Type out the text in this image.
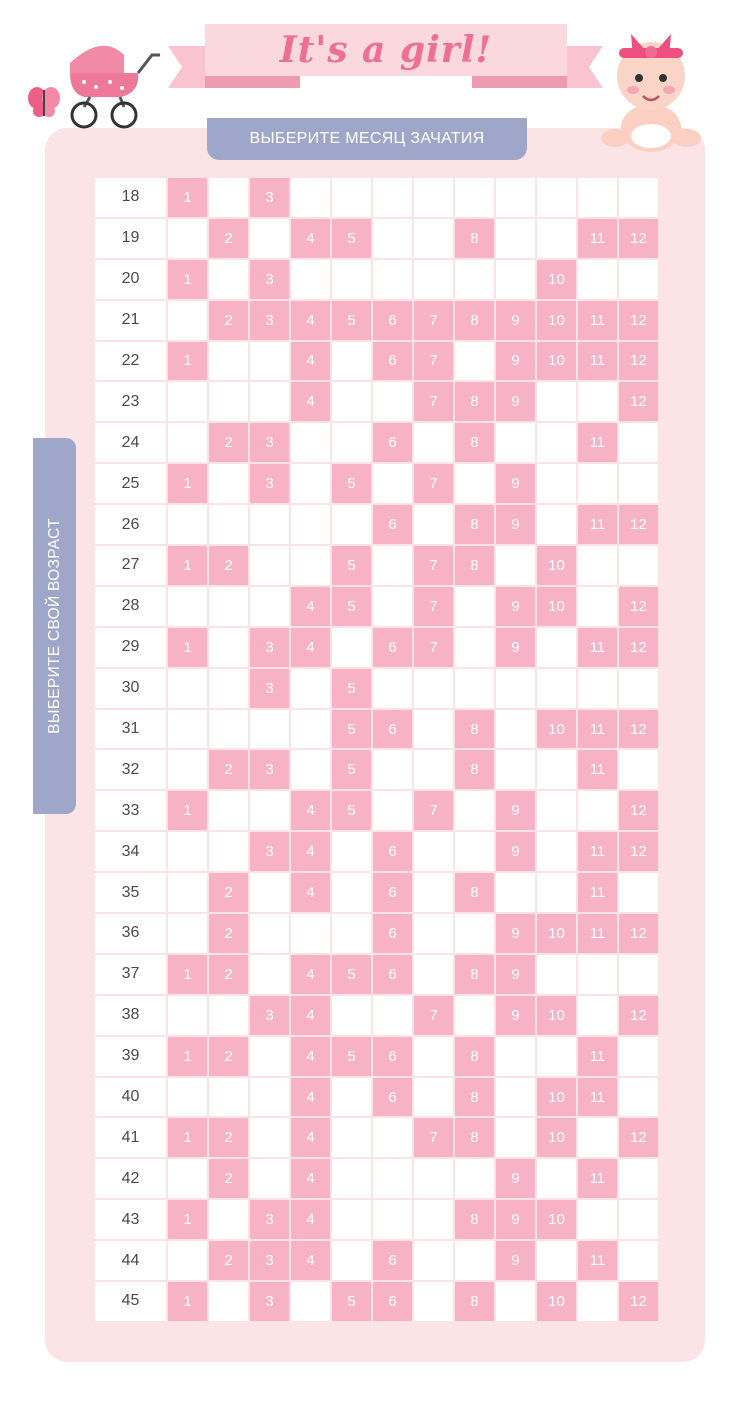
It's a girl!
ВЫБЕРИТЕ МЕСЯЦ ЗАЧАТИЯ
ВЫБЕРИТЕ СВОЙ ВОЗРАСТ
18	1	3
19	2	4	5	8	11	12
20	1	3	10
21	2	3	4	5	6	7	8	9	10	11	12
22	1	4	6	7	9	10	11	12
23	4	7	8	9	12
24	2	3	6	8	11
25	1	3	5	7	9
26	6	8	9	11	12
27	1	2	5	7	8	10
28	4	5	7	9	10	12
29	1	3	4	6	7	9	11	12
30	3	5
31	5	6	8	10	11	12
32	2	3	5	8	11
33	1	4	5	7	9	12
34	3	4	6	9	11	12
35	2	4	6	8	11
36	2	6	9	10	11	12
37	1	2	4	5	6	8	9
38	3	4	7	9	10	12
39	1	2	4	5	6	8	11
40	4	6	8	10	11
41	1	2	4	7	8	10	12
42	2	4	9	11
43	1	3	4	8	9	10
44	2	3	4	6	9	11
45	1	3	5	6	8	10	12
